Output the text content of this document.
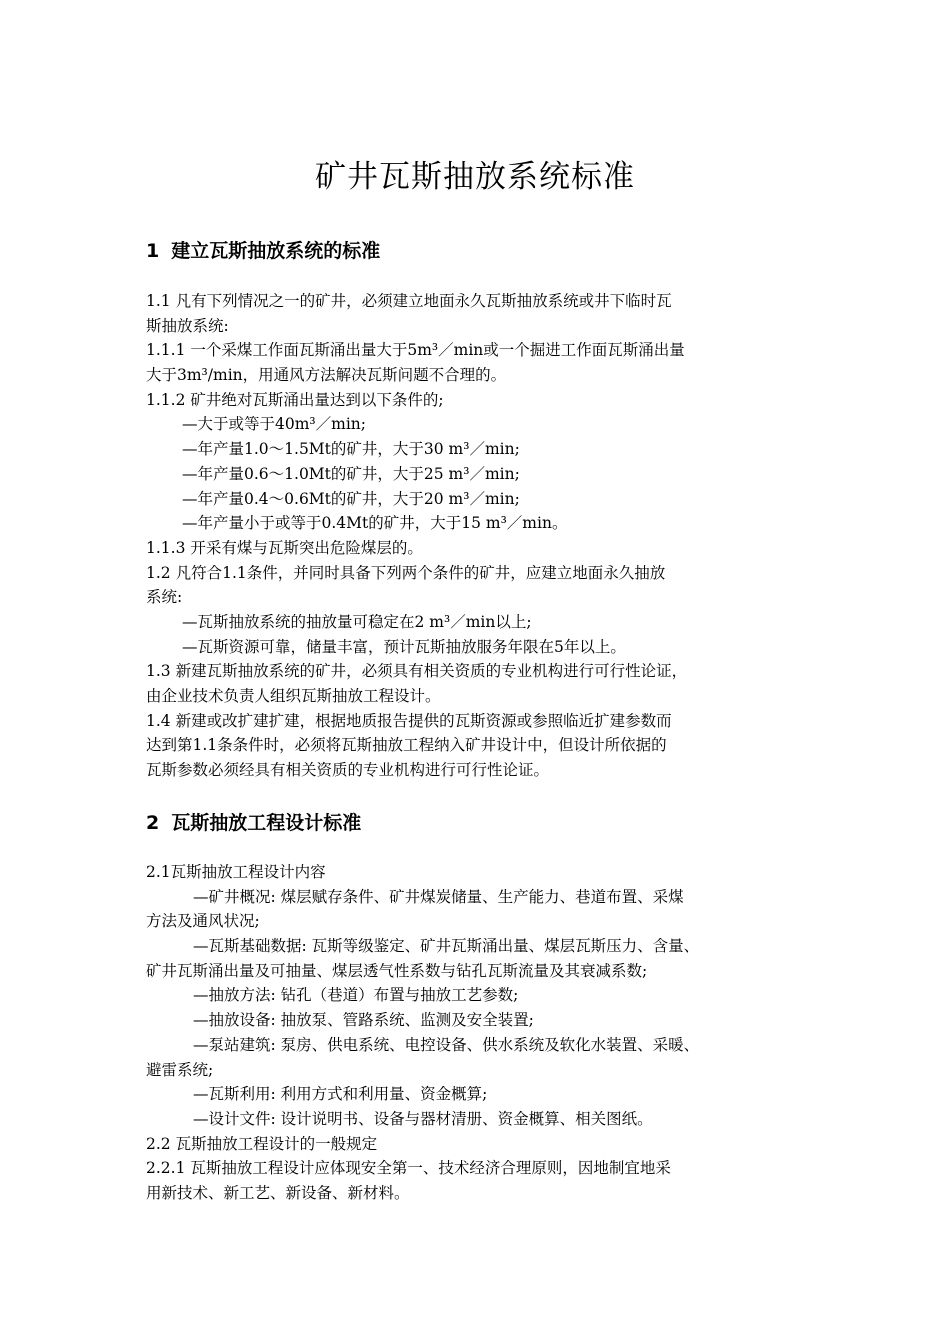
矿井瓦斯抽放系统标准
1 建立瓦斯抽放系统的标准
1.1 凡有下列情况之一的矿井，必须建立地面永久瓦斯抽放系统或井下临时瓦
斯抽放系统:
1.1.1 一个采煤工作面瓦斯涌出量大于5m³／min或一个掘进工作面瓦斯涌出量
大于3m³/min，用通风方法解决瓦斯问题不合理的。
1.1.2 矿井绝对瓦斯涌出量达到以下条件的;
—大于或等于40m³／min;
—年产量1.0～1.5Mt的矿井，大于30 m³／min;
—年产量0.6～1.0Mt的矿井，大于25 m³／min;
—年产量0.4～0.6Mt的矿井，大于20 m³／min;
—年产量小于或等于0.4Mt的矿井，大于15 m³／min。
1.1.3 开采有煤与瓦斯突出危险煤层的。
1.2 凡符合1.1条件，并同时具备下列两个条件的矿井，应建立地面永久抽放
系统:
—瓦斯抽放系统的抽放量可稳定在2 m³／min以上;
—瓦斯资源可靠，储量丰富，预计瓦斯抽放服务年限在5年以上。
1.3 新建瓦斯抽放系统的矿井，必须具有相关资质的专业机构进行可行性论证，
由企业技术负责人组织瓦斯抽放工程设计。
1.4 新建或改扩建扩建，根据地质报告提供的瓦斯资源或参照临近扩建参数而
达到第1.1条条件时，必须将瓦斯抽放工程纳入矿井设计中，但设计所依据的
瓦斯参数必须经具有相关资质的专业机构进行可行性论证。
2 瓦斯抽放工程设计标准
2.1瓦斯抽放工程设计内容
—矿井概况: 煤层赋存条件、矿井煤炭储量、生产能力、巷道布置、采煤
方法及通风状况;
—瓦斯基础数据: 瓦斯等级鉴定、矿井瓦斯涌出量、煤层瓦斯压力、含量、
矿井瓦斯涌出量及可抽量、煤层透气性系数与钻孔瓦斯流量及其衰减系数;
—抽放方法: 钻孔（巷道）布置与抽放工艺参数;
—抽放设备: 抽放泵、管路系统、监测及安全装置;
—泵站建筑: 泵房、供电系统、电控设备、供水系统及软化水装置、采暖、
避雷系统;
—瓦斯利用: 利用方式和利用量、资金概算;
—设计文件: 设计说明书、设备与器材清册、资金概算、相关图纸。
2.2 瓦斯抽放工程设计的一般规定
2.2.1 瓦斯抽放工程设计应体现安全第一、技术经济合理原则，因地制宜地采
用新技术、新工艺、新设备、新材料。
